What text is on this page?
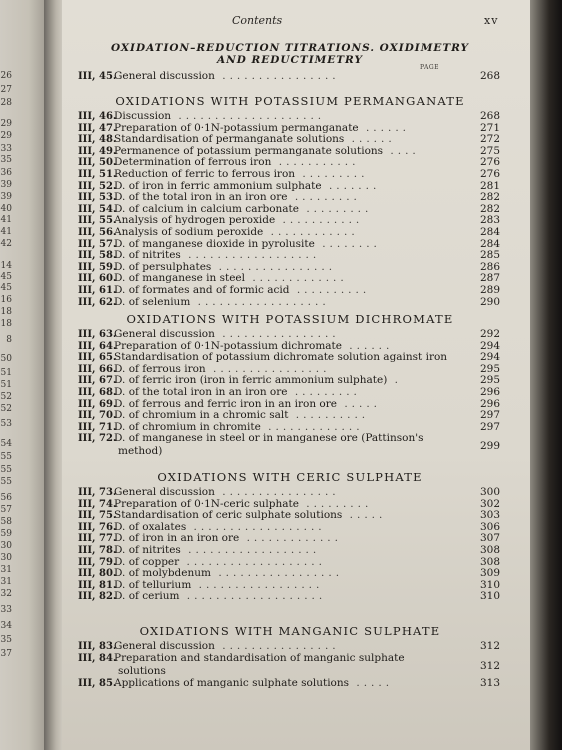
26
27
28
29
29
33
35
36
39
39
40
41
41
42
14
45
45
16
18
18
8
50
51
51
52
52
53
54
55
55
55
56
57
58
59
30
30
31
31
32
33
34
35
37
Contents	xv
OXIDATION–REDUCTION TITRATIONS. OXIDIMETRY
AND REDUCTIMETRY
PAGE
III, 45.General discussion ................	268
OXIDATIONS WITH POTASSIUM PERMANGANATE
III, 46.Discussion ....................	268
III, 47.Preparation of 0·1N-potassium permanganate ......	271
III, 48.Standardisation of permanganate solutions ......	272
III, 49.Permanence of potassium permanganate solutions ....	275
III, 50.Determination of ferrous iron ...........	276
III, 51.Reduction of ferric to ferrous iron .........	276
III, 52.D. of iron in ferric ammonium sulphate .......	281
III, 53.D. of the total iron in an iron ore .........	282
III, 54.D. of calcium in calcium carbonate .........	282
III, 55.Analysis of hydrogen peroxide ...........	283
III, 56.Analysis of sodium peroxide ............	284
III, 57.D. of manganese dioxide in pyrolusite ........	284
III, 58.D. of nitrites ..................	285
III, 59.D. of persulphates ................	286
III, 60.D. of manganese in steel .............	287
III, 61.D. of formates and of formic acid ..........	289
III, 62.D. of selenium ..................	290
OXIDATIONS WITH POTASSIUM DICHROMATE
III, 63.General discussion ................	292
III, 64.Preparation of 0·1N-potassium dichromate ......	294
III, 65.Standardisation of potassium dichromate solution against iron	294
III, 66.D. of ferrous iron ................	295
III, 67.D. of ferric iron (iron in ferric ammonium sulphate) .	295
III, 68.D. of the total iron in an iron ore .........	296
III, 69.D. of ferrous and ferric iron in an iron ore .....	296
III, 70.D. of chromium in a chromic salt ..........	297
III, 71.D. of chromium in chromite .............	297
III, 72.D. of manganese in steel or in manganese ore (Pattinson's
method)	299
OXIDATIONS WITH CERIC SULPHATE
III, 73.General discussion ................	300
III, 74.Preparation of 0·1N-ceric sulphate .........	302
III, 75.Standardisation of ceric sulphate solutions .....	303
III, 76.D. of oxalates ..................	306
III, 77.D. of iron in an iron ore .............	307
III, 78.D. of nitrites ..................	308
III, 79.D. of copper ...................	308
III, 80.D. of molybdenum .................	309
III, 81.D. of tellurium .................	310
III, 82.D. of cerium ...................	310
OXIDATIONS WITH MANGANIC SULPHATE
III, 83.General discussion ................	312
III, 84.Preparation and standardisation of manganic sulphate
solutions	312
III, 85.Applications of manganic sulphate solutions .....	313
